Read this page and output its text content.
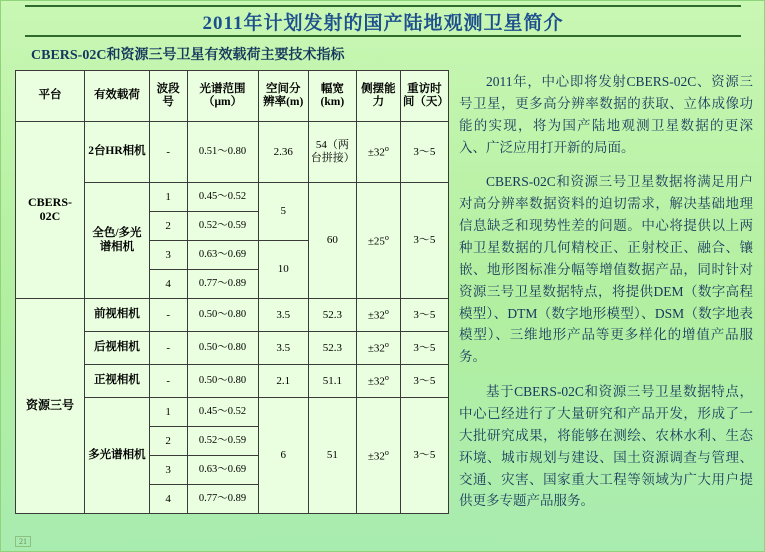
2011年计划发射的国产陆地观测卫星简介
CBERS-02C和资源三号卫星有效载荷主要技术指标
平台	有效载荷	波段号	光谱范围（μm）	空间分辨率(m)	幅宽(km)	侧摆能力	重访时间（天）
CBERS-02C	2台HR相机	-	0.51～0.80	2.36	54（两台拼接）	$\pm 32^o$	3～5
	全色/多光谱相机	1	0.45～0.52	5	60	$\pm 25^o$	3～5
		2	0.52～0.59				
		3	0.63～0.69	10			
		4	0.77～0.89				
资源三号	前视相机	-	0.50～0.80	3.5	52.3	$\pm 32^o$	3～5
	后视相机	-	0.50～0.80	3.5	52.3	$\pm 32^o$	3～5
	正视相机	-	0.50～0.80	2.1	51.1	$\pm 32^o$	3～5
	多光谱相机	1	0.45～0.52	6	51	$\pm 32^o$	3～5
		2	0.52～0.59				
		3	0.63～0.69				
		4	0.77～0.89				

2011年，中心即将发射CBERS-02C、资源三号卫星，更多高分辨率数据的获取、立体成像功能的实现，将为国产陆地观测卫星数据的更深入、广泛应用打开新的局面。

CBERS-02C和资源三号卫星数据将满足用户对高分辨率数据资料的迫切需求，解决基础地理信息缺乏和现势性差的问题。中心将提供以上两种卫星数据的几何精校正、正射校正、融合、镶嵌、地形图标准分幅等增值数据产品，同时针对资源三号卫星数据特点，将提供DEM（数字高程模型）、DTM（数字地形模型）、DSM（数字地表模型）、三维地形产品等更多样化的增值产品服务。

基于CBERS-02C和资源三号卫星数据特点，中心已经进行了大量研究和产品开发，形成了一大批研究成果，将能够在测绘、农林水利、生态环境、城市规划与建设、国土资源调查与管理、交通、灾害、国家重大工程等领域为广大用户提供更多专题产品服务。

21
